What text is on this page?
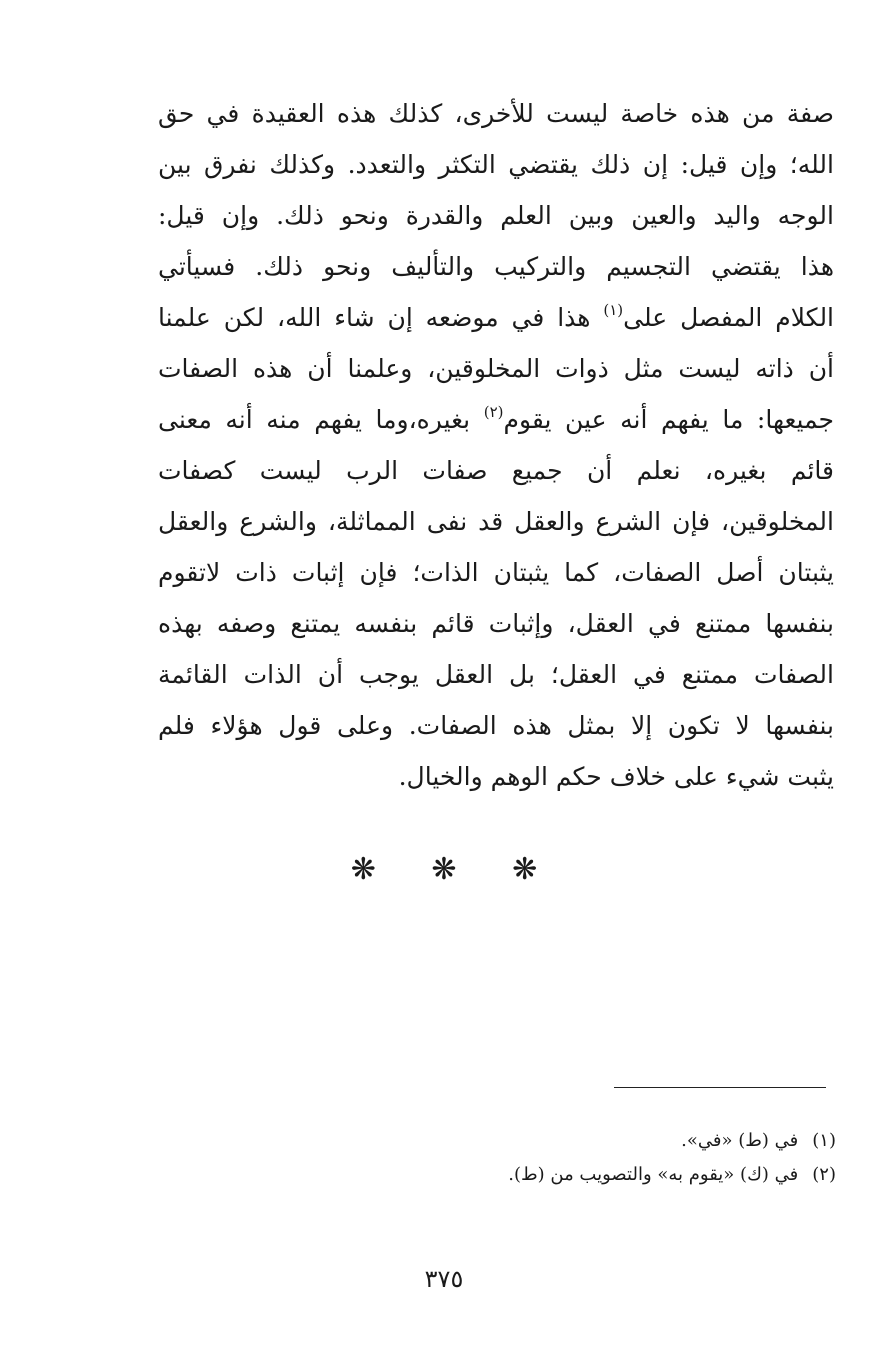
صفة من هذه خاصة ليست للأخرى، كذلك هذه العقيدة في حق
الله؛ وإن قيل: إن ذلك يقتضي التكثر والتعدد. وكذلك نفرق بين
الوجه واليد والعين وبين العلم والقدرة ونحو ذلك. وإن قيل:
هذا يقتضي التجسيم والتركيب والتأليف ونحو ذلك. فسيأتي
الكلام المفصل على$^{(١)}$ هذا في موضعه إن شاء الله، لكن علمنا
أن ذاته ليست مثل ذوات المخلوقين، وعلمنا أن هذه الصفات
جميعها: ما يفهم أنه عين يقوم$^{(٢)}$ بغيره،وما يفهم منه أنه معنى
قائم بغيره، نعلم أن جميع صفات الرب ليست كصفات
المخلوقين، فإن الشرع والعقل قد نفى المماثلة، والشرع والعقل
يثبتان أصل الصفات، كما يثبتان الذات؛ فإن إثبات ذات لاتقوم
بنفسها ممتنع في العقل، وإثبات قائم بنفسه يمتنع وصفه بهذه
الصفات ممتنع في العقل؛ بل العقل يوجب أن الذات القائمة
بنفسها لا تكون إلا بمثل هذه الصفات. وعلى قول هؤلاء فلم
يثبت شيء على خلاف حكم الوهم والخيال.
❋ ❋ ❋
(١)في (ط) «في».
(٢)في (ك) «يقوم به» والتصويب من (ط).
٣٧٥
